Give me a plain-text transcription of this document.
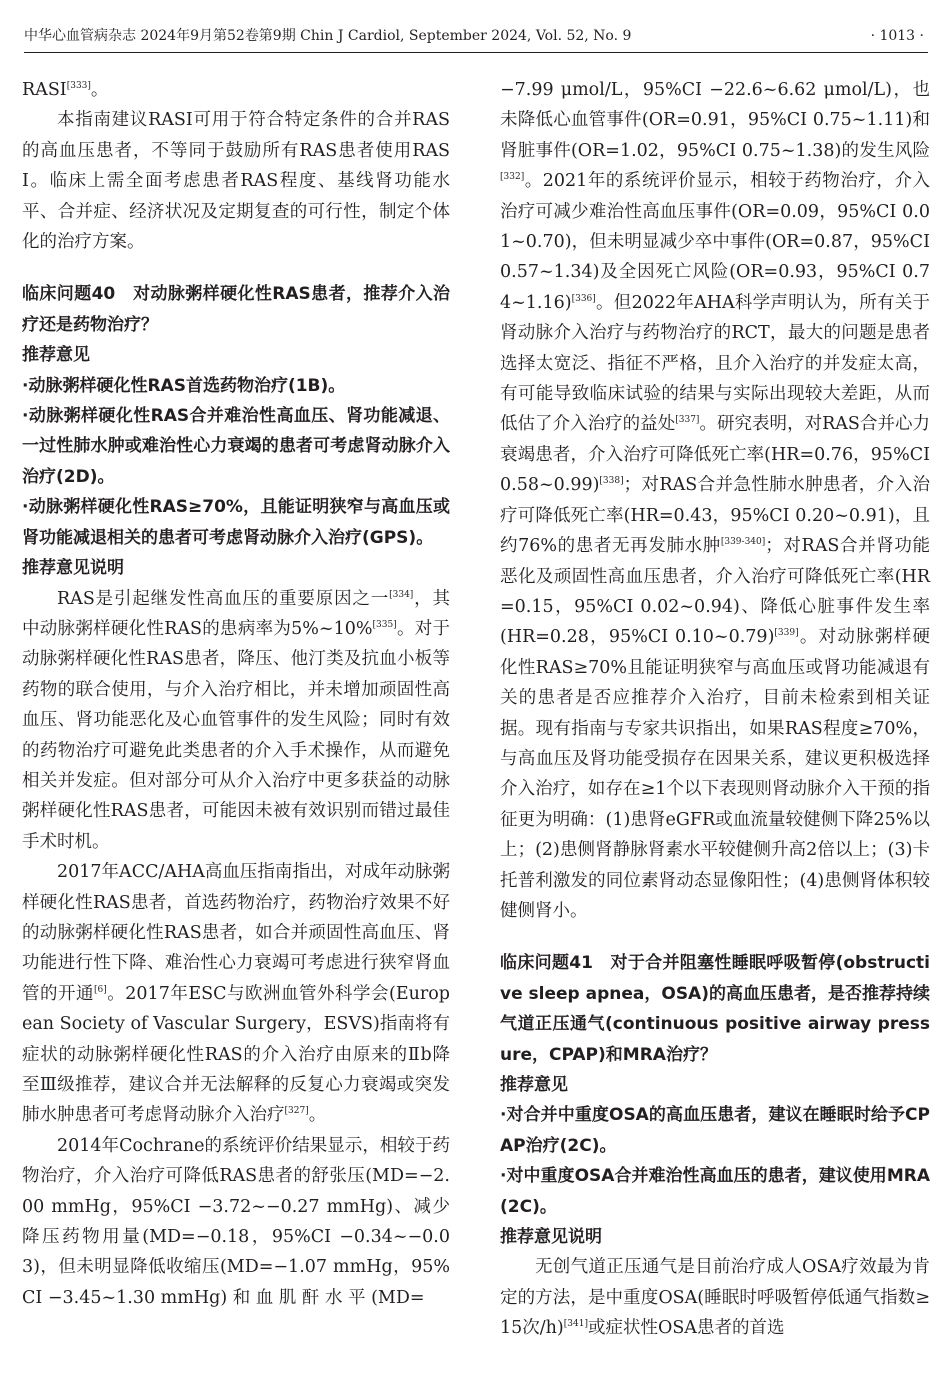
中华心血管病杂志 2024年9月第52卷第9期 Chin J Cardiol, September 2024, Vol. 52, No. 9	· 1013 ·

RASI[333]。

本指南建议RASI可用于符合特定条件的合并RAS的高血压患者，不等同于鼓励所有RAS患者使用RASI。临床上需全面考虑患者RAS程度、基线肾功能水平、合并症、经济状况及定期复查的可行性，制定个体化的治疗方案。

临床问题40　对动脉粥样硬化性RAS患者，推荐介入治疗还是药物治疗？

推荐意见

·动脉粥样硬化性RAS首选药物治疗(1B)。

·动脉粥样硬化性RAS合并难治性高血压、肾功能减退、一过性肺水肿或难治性心力衰竭的患者可考虑肾动脉介入治疗(2D)。

·动脉粥样硬化性RAS≥70%，且能证明狭窄与高血压或肾功能减退相关的患者可考虑肾动脉介入治疗(GPS)。

推荐意见说明

RAS是引起继发性高血压的重要原因之一[334]，其中动脉粥样硬化性RAS的患病率为5%~10%[335]。对于动脉粥样硬化性RAS患者，降压、他汀类及抗血小板等药物的联合使用，与介入治疗相比，并未增加顽固性高血压、肾功能恶化及心血管事件的发生风险；同时有效的药物治疗可避免此类患者的介入手术操作，从而避免相关并发症。但对部分可从介入治疗中更多获益的动脉粥样硬化性RAS患者，可能因未被有效识别而错过最佳手术时机。

2017年ACC/AHA高血压指南指出，对成年动脉粥样硬化性RAS患者，首选药物治疗，药物治疗效果不好的动脉粥样硬化性RAS患者，如合并顽固性高血压、肾功能进行性下降、难治性心力衰竭可考虑进行狭窄肾血管的开通[6]。2017年ESC与欧洲血管外科学会(European Society of Vascular Surgery，ESVS)指南将有症状的动脉粥样硬化性RAS的介入治疗由原来的Ⅱb降至Ⅲ级推荐，建议合并无法解释的反复心力衰竭或突发肺水肿患者可考虑肾动脉介入治疗[327]。

2014年Cochrane的系统评价结果显示，相较于药物治疗，介入治疗可降低RAS患者的舒张压(MD=−2.00 mmHg，95%CI −3.72~−0.27 mmHg)、减少降压药物用量(MD=−0.18，95%CI −0.34~−0.03)，但未明显降低收缩压(MD=−1.07 mmHg，95%CI −3.45~1.30 mmHg) 和 血 肌 酐 水 平 (MD=

−7.99 μmol/L，95%CI −22.6~6.62 μmol/L)，也未降低心血管事件(OR=0.91，95%CI 0.75~1.11)和肾脏事件(OR=1.02，95%CI 0.75~1.38)的发生风险[332]。2021年的系统评价显示，相较于药物治疗，介入治疗可减少难治性高血压事件(OR=0.09，95%CI 0.01~0.70)，但未明显减少卒中事件(OR=0.87，95%CI 0.57~1.34)及全因死亡风险(OR=0.93，95%CI 0.74~1.16)[336]。但2022年AHA科学声明认为，所有关于肾动脉介入治疗与药物治疗的RCT，最大的问题是患者选择太宽泛、指征不严格，且介入治疗的并发症太高，有可能导致临床试验的结果与实际出现较大差距，从而低估了介入治疗的益处[337]。研究表明，对RAS合并心力衰竭患者，介入治疗可降低死亡率(HR=0.76，95%CI 0.58~0.99)[338]；对RAS合并急性肺水肿患者，介入治疗可降低死亡率(HR=0.43，95%CI 0.20~0.91)，且约76%的患者无再发肺水肿[339-340]；对RAS合并肾功能恶化及顽固性高血压患者，介入治疗可降低死亡率(HR=0.15，95%CI 0.02~0.94)、降低心脏事件发生率(HR=0.28，95%CI 0.10~0.79)[339]。对动脉粥样硬化性RAS≥70%且能证明狭窄与高血压或肾功能减退有关的患者是否应推荐介入治疗，目前未检索到相关证据。现有指南与专家共识指出，如果RAS程度≥70%，与高血压及肾功能受损存在因果关系，建议更积极选择介入治疗，如存在≥1个以下表现则肾动脉介入干预的指征更为明确：(1)患肾eGFR或血流量较健侧下降25%以上；(2)患侧肾静脉肾素水平较健侧升高2倍以上；(3)卡托普利激发的同位素肾动态显像阳性；(4)患侧肾体积较健侧肾小。

临床问题41　对于合并阻塞性睡眠呼吸暂停(obstructive sleep apnea，OSA)的高血压患者，是否推荐持续气道正压通气(continuous positive airway pressure，CPAP)和MRA治疗？

推荐意见

·对合并中重度OSA的高血压患者，建议在睡眠时给予CPAP治疗(2C)。

·对中重度OSA合并难治性高血压的患者，建议使用MRA(2C)。

推荐意见说明

无创气道正压通气是目前治疗成人OSA疗效最为肯定的方法，是中重度OSA(睡眠时呼吸暂停低通气指数≥15次/h)[341]或症状性OSA患者的首选
